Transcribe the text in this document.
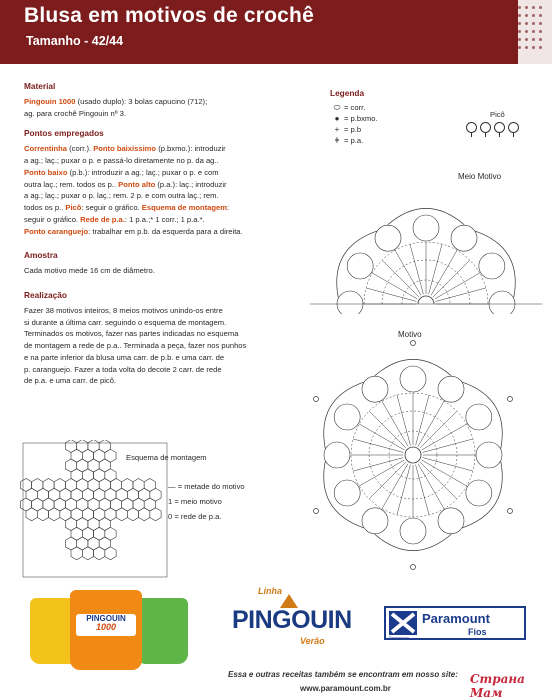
Blusa em motivos de crochê
Tamanho - 42/44
Material

Pingouin 1000 (usado duplo): 3 bolas capucino (712);

ag. para crochê Pingouin nº 3.

Pontos empregados

Correntinha (corr.). Ponto baixíssimo (p.bxmo.): introduzir

a ag.; laç.; puxar o p. e passá-lo diretamente no p. da ag..

Ponto baixo (p.b.): introduzir a ag.; laç.; puxar o p. e com

outra laç.; rem. todos os p.. Ponto alto (p.a.): laç.; introduzir

a ag.; laç.; puxar o p. laç.; rem. 2 p. e com outra laç.; rem.

todos os p.. Picô: seguir o gráfico. Esquema de montagem:

seguir o gráfico. Rede de p.a.: 1 p.a.;* 1 corr.; 1 p.a.*.

Ponto caranguejo: trabalhar em p.b. da esquerda para a direita.

Amostra

Cada motivo mede 16 cm de diâmetro.

Realização

Fazer 38 motivos inteiros, 8 meios motivos unindo-os entre

si durante a última carr. seguindo o esquema de montagem.

Terminados os motivos, fazer nas partes indicadas no esquema

de montagem a rede de p.a.. Terminada a peça, fazer nos punhos

e na parte inferior da blusa uma carr. de p.b. e uma carr. de

p. caranguejo. Fazer a toda volta do decote 2 carr. de rede

de p.a. e uma carr. de picô.

Legenda
⬭ = corr.
● = p.bxmo.
+ = p.b
ǂ = p.a.
Picô
Meio Motivo
Motivo
Esquema de montagem

— = metade do motivo

1 = meio motivo

0 = rede de p.a.

PINGOUIN
1000
Linha
PINGOUIN
Verão
Paramount
Fios
Paramount
Essa e outras receitas também se encontram em nosso site:
www.paramount.com.br
Страна Мам
